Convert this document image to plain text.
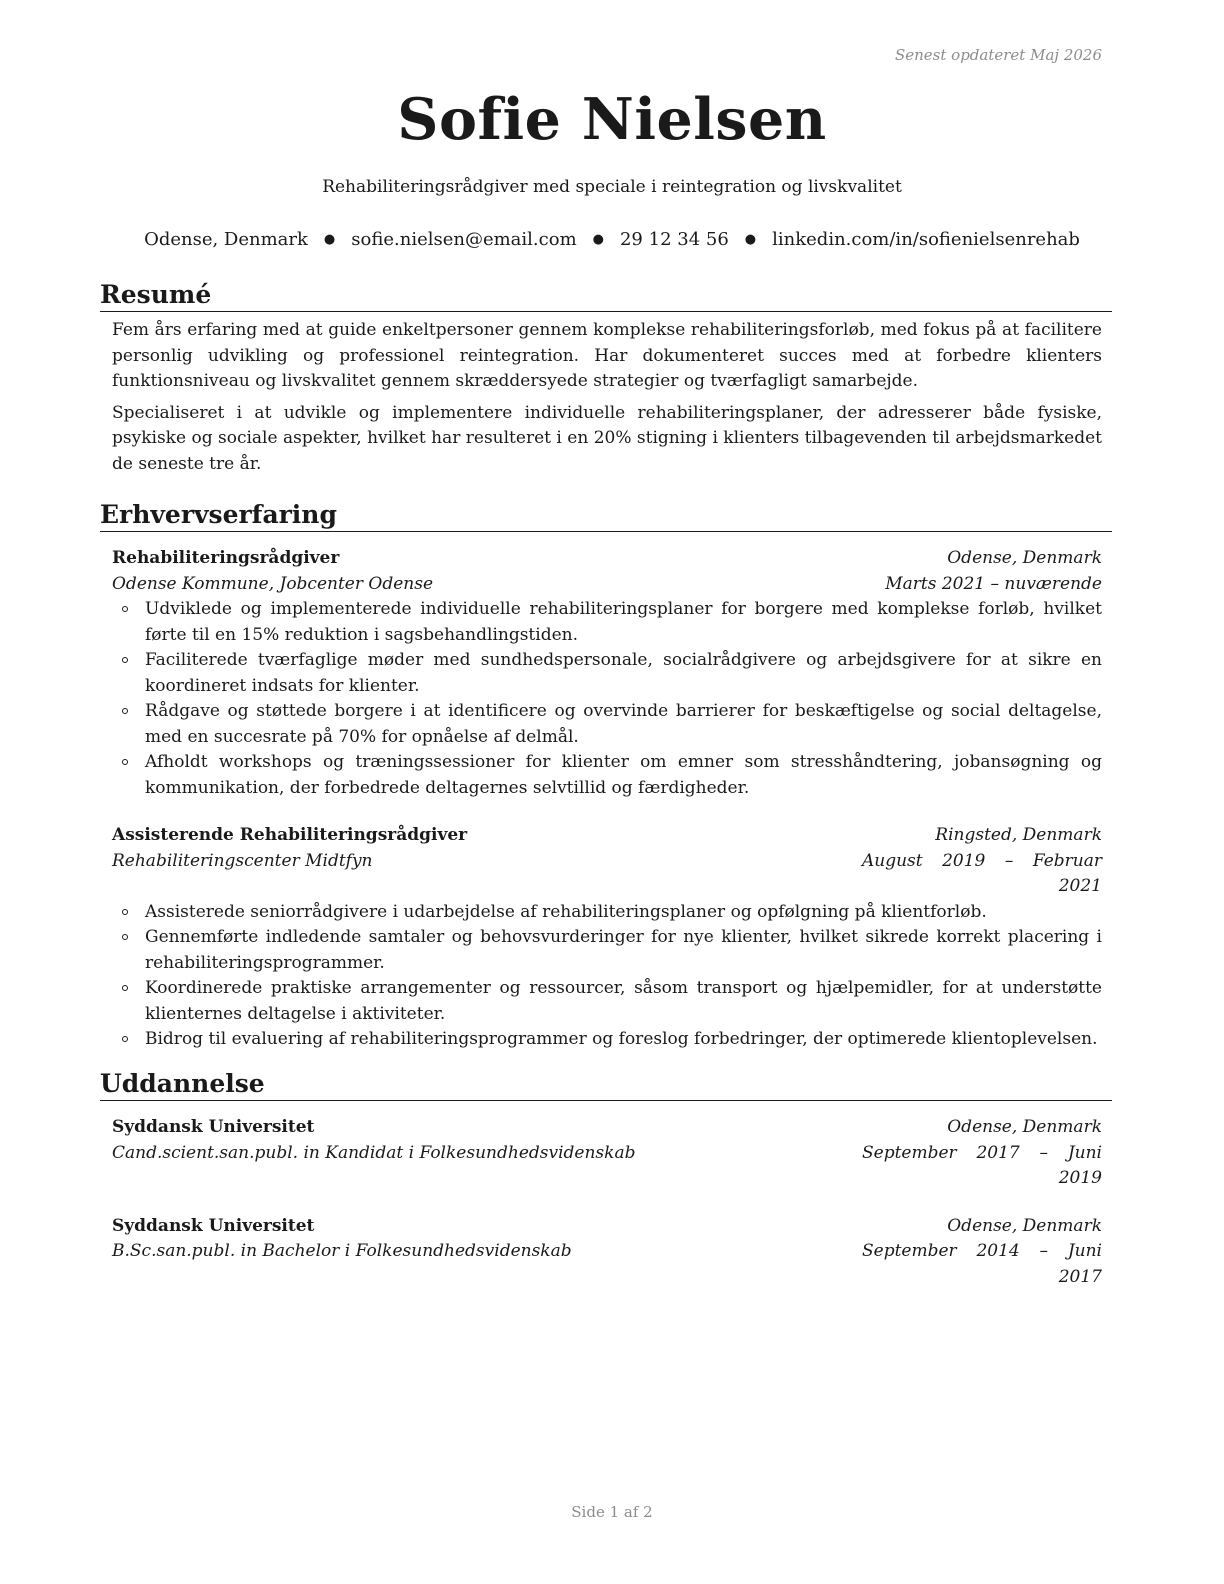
Senest opdateret Maj 2026
Sofie Nielsen
Rehabiliteringsrådgiver med speciale i reintegration og livskvalitet
Odense, Denmark ● sofie.nielsen@email.com ● 29 12 34 56 ● linkedin.com/in/sofienielsenrehab
Resumé
Fem års erfaring med at guide enkeltpersoner gennem komplekse rehabiliteringsforløb, med fokus på at facilitere personlig udvikling og professionel reintegration. Har dokumenteret succes med at forbedre klienters funktionsniveau og livskvalitet gennem skræddersyede strategier og tværfagligt samarbejde.
Specialiseret i at udvikle og implementere individuelle rehabiliteringsplaner, der adresserer både fysiske, psykiske og sociale aspekter, hvilket har resulteret i en 20% stigning i klienters tilbagevenden til arbejdsmarkedet de seneste tre år.
Erhvervserfaring
Rehabiliteringsrådgiver	Odense, Denmark
Odense Kommune, Jobcenter Odense	Marts 2021 – nuværende
Udviklede og implementerede individuelle rehabiliteringsplaner for borgere med komplekse forløb, hvilket førte til en 15% reduktion i sagsbehandlingstiden.
Faciliterede tværfaglige møder med sundhedspersonale, socialrådgivere og arbejdsgivere for at sikre en koordineret indsats for klienter.
Rådgave og støttede borgere i at identificere og overvinde barrierer for beskæftigelse og social deltagelse, med en succesrate på 70% for opnåelse af delmål.
Afholdt workshops og træningssessioner for klienter om emner som stresshåndtering, jobansøgning og kommunikation, der forbedrede deltagernes selvtillid og færdigheder.
Assisterende Rehabiliteringsrådgiver	Ringsted, Denmark
Rehabiliteringscenter Midtfyn	August 2019 – Februar 2021
Assisterede seniorrådgivere i udarbejdelse af rehabiliteringsplaner og opfølgning på klientforløb.
Gennemførte indledende samtaler og behovsvurderinger for nye klienter, hvilket sikrede korrekt placering i rehabiliteringsprogrammer.
Koordinerede praktiske arrangementer og ressourcer, såsom transport og hjælpemidler, for at understøtte klienternes deltagelse i aktiviteter.
Bidrog til evaluering af rehabiliteringsprogrammer og foreslog forbedringer, der optimerede klientoplevelsen.
Uddannelse
Syddansk Universitet	Odense, Denmark
Cand.scient.san.publ. in Kandidat i Folkesundhedsvidenskab	September 2017 – Juni 2019
Syddansk Universitet	Odense, Denmark
B.Sc.san.publ. in Bachelor i Folkesundhedsvidenskab	September 2014 – Juni 2017
Side 1 af 2
